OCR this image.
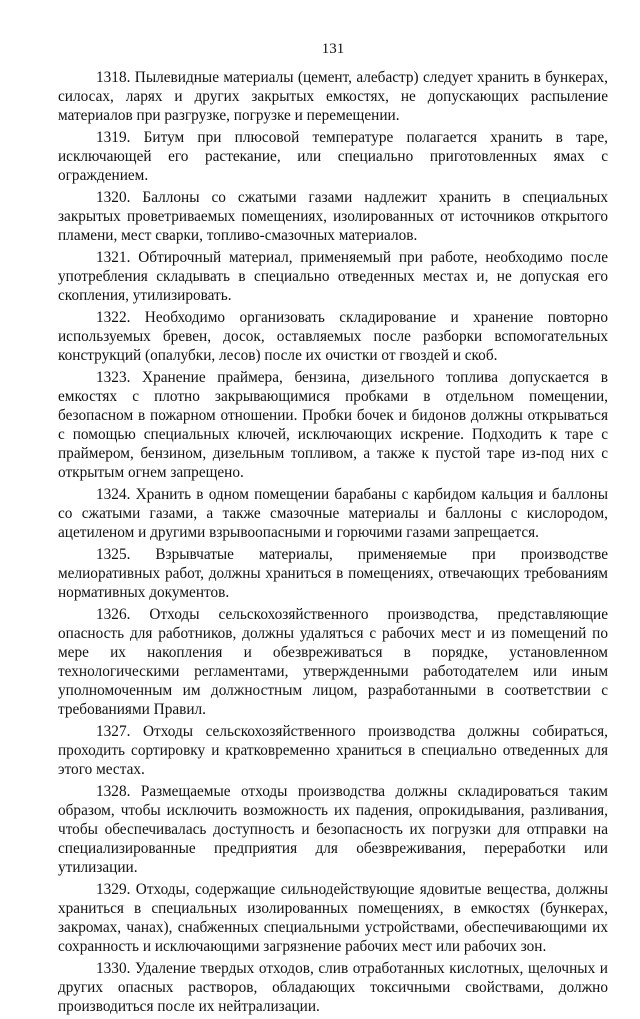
131

1318. Пылевидные материалы (цемент, алебастр) следует хранить в бункерах, силосах, ларях и других закрытых емкостях, не допускающих распыление материалов при разгрузке, погрузке и перемещении.

1319. Битум при плюсовой температуре полагается хранить в таре, исключающей его растекание, или специально приготовленных ямах с ограждением.

1320. Баллоны со сжатыми газами надлежит хранить в специальных закрытых проветриваемых помещениях, изолированных от источников открытого пламени, мест сварки, топливо-смазочных материалов.

1321. Обтирочный материал, применяемый при работе, необходимо после употребления складывать в специально отведенных местах и, не допуская его скопления, утилизировать.

1322. Необходимо организовать складирование и хранение повторно используемых бревен, досок, оставляемых после разборки вспомогательных конструкций (опалубки, лесов) после их очистки от гвоздей и скоб.

1323. Хранение праймера, бензина, дизельного топлива допускается в емкостях с плотно закрывающимися пробками в отдельном помещении, безопасном в пожарном отношении. Пробки бочек и бидонов должны открываться с помощью специальных ключей, исключающих искрение. Подходить к таре с праймером, бензином, дизельным топливом, а также к пустой таре из-под них с открытым огнем запрещено.

1324. Хранить в одном помещении барабаны с карбидом кальция и баллоны со сжатыми газами, а также смазочные материалы и баллоны с кислородом, ацетиленом и другими взрывоопасными и горючими газами запрещается.

1325. Взрывчатые материалы, применяемые при производстве мелиоративных работ, должны храниться в помещениях, отвечающих требованиям нормативных документов.

1326. Отходы сельскохозяйственного производства, представляющие опасность для работников, должны удаляться с рабочих мест и из помещений по мере их накопления и обезвреживаться в порядке, установленном технологическими регламентами, утвержденными работодателем или иным уполномоченным им должностным лицом, разработанными в соответствии с требованиями Правил.

1327. Отходы сельскохозяйственного производства должны собираться, проходить сортировку и кратковременно храниться в специально отведенных для этого местах.

1328. Размещаемые отходы производства должны складироваться таким образом, чтобы исключить возможность их падения, опрокидывания, разливания, чтобы обеспечивалась доступность и безопасность их погрузки для отправки на специализированные предприятия для обезвреживания, переработки или утилизации.

1329. Отходы, содержащие сильнодействующие ядовитые вещества, должны храниться в специальных изолированных помещениях, в емкостях (бункерах, закромах, чанах), снабженных специальными устройствами, обеспечивающими их сохранность и исключающими загрязнение рабочих мест или рабочих зон.

1330. Удаление твердых отходов, слив отработанных кислотных, щелочных и других опасных растворов, обладающих токсичными свойствами, должно производиться после их нейтрализации.
